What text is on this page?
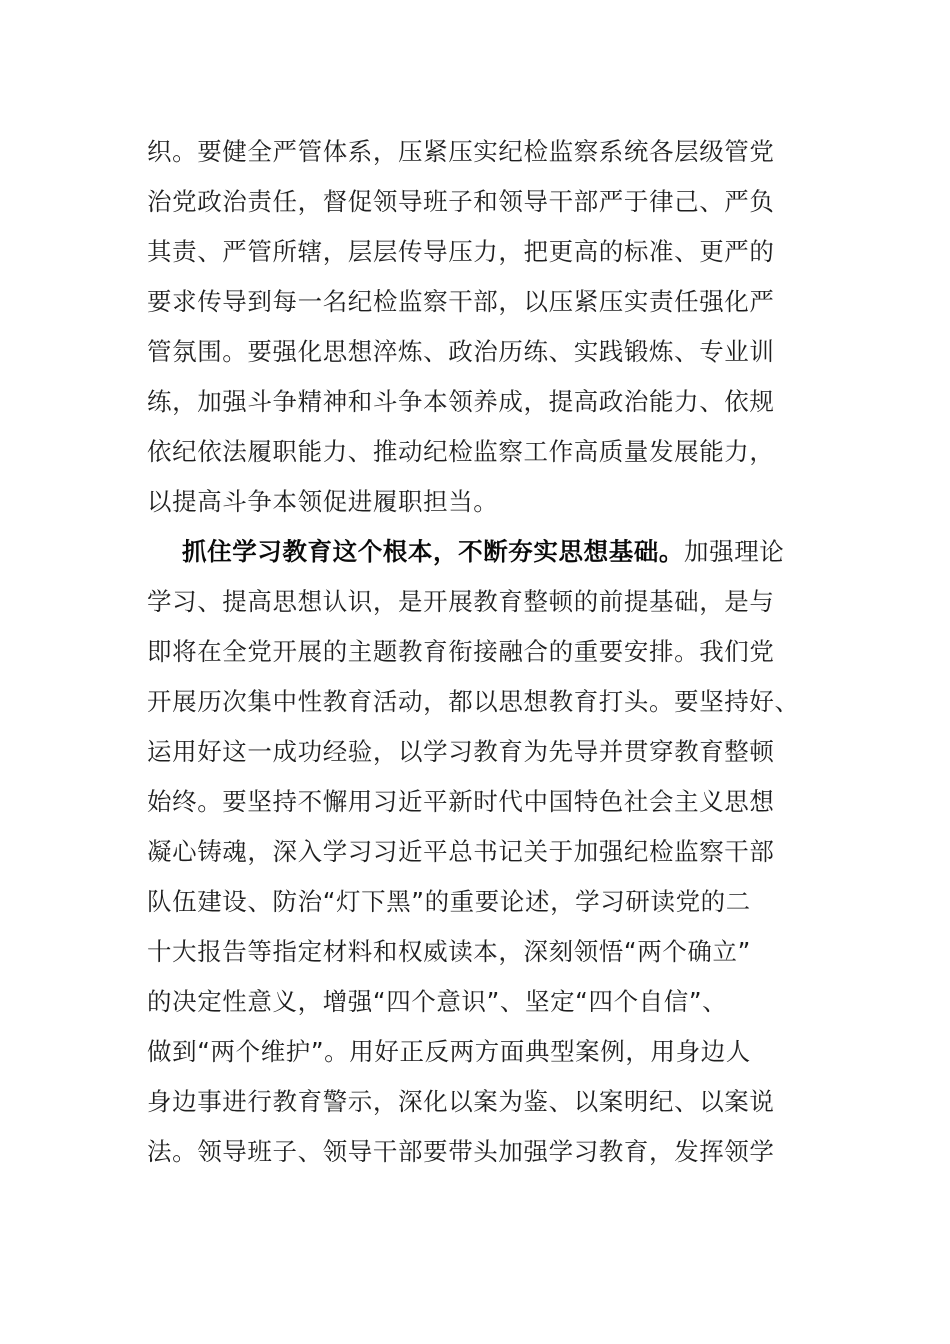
织。要健全严管体系，压紧压实纪检监察系统各层级管党
治党政治责任，督促领导班子和领导干部严于律己、严负
其责、严管所辖，层层传导压力，把更高的标准、更严的
要求传导到每一名纪检监察干部，以压紧压实责任强化严
管氛围。要强化思想淬炼、政治历练、实践锻炼、专业训
练，加强斗争精神和斗争本领养成，提高政治能力、依规
依纪依法履职能力、推动纪检监察工作高质量发展能力，
以提高斗争本领促进履职担当。
抓住学习教育这个根本，不断夯实思想基础。加强理论
学习、提高思想认识，是开展教育整顿的前提基础，是与
即将在全党开展的主题教育衔接融合的重要安排。我们党
开展历次集中性教育活动，都以思想教育打头。要坚持好、
运用好这一成功经验，以学习教育为先导并贯穿教育整顿
始终。要坚持不懈用习近平新时代中国特色社会主义思想
凝心铸魂，深入学习习近平总书记关于加强纪检监察干部
队伍建设、防治“灯下黑”的重要论述，学习研读党的二
十大报告等指定材料和权威读本，深刻领悟“两个确立”
的决定性意义，增强“四个意识”、坚定“四个自信”、
做到“两个维护”。用好正反两方面典型案例，用身边人
身边事进行教育警示，深化以案为鉴、以案明纪、以案说
法。领导班子、领导干部要带头加强学习教育，发挥领学
